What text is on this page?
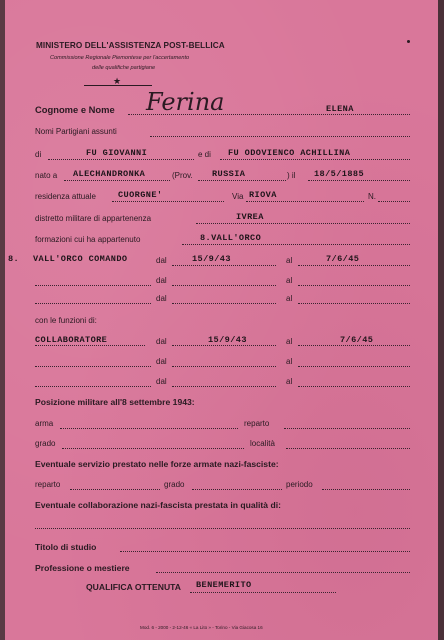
MINISTERO DELL'ASSISTENZA POST-BELLICA
Commissione Regionale Piemontese per l'accertamento
delle qualifiche partigiane
★
Cognome e Nome Ferina	ELENA
Nomi Partigiani assunti
di	FU GIOVANNI	e di FU ODOVIENCO ACHILLINA
nato a ALECHANDRONKA	(Prov. RUSSIA	) il 18/5/1885
residenza attuale	CUORGNE'	Via RIOVA	N.
distretto militare di appartenenza	IVREA
formazioni cui ha appartenuto	8.VALL'ORCO
8. VALL'ORCO COMANDO	dal	15/9/43	al	7/6/45
dal	al
dal	al
con le funzioni di:
COLLABORATORE	dal	15/9/43	al	7/6/45
dal	al
dal	al
Posizione militare all'8 settembre 1943:
arma	reparto
grado	località
Eventuale servizio prestato nelle forze armate nazi-fasciste:
reparto	grado	periodo
Eventuale collaborazione nazi-fascista prestata in qualità di:
Titolo di studio
Professione o mestiere
QUALIFICA OTTENUTA BENEMERITO
Mod. 6 - 2000 - 2-12-46 « La Lito » - Torino - Via Giacosa 16
